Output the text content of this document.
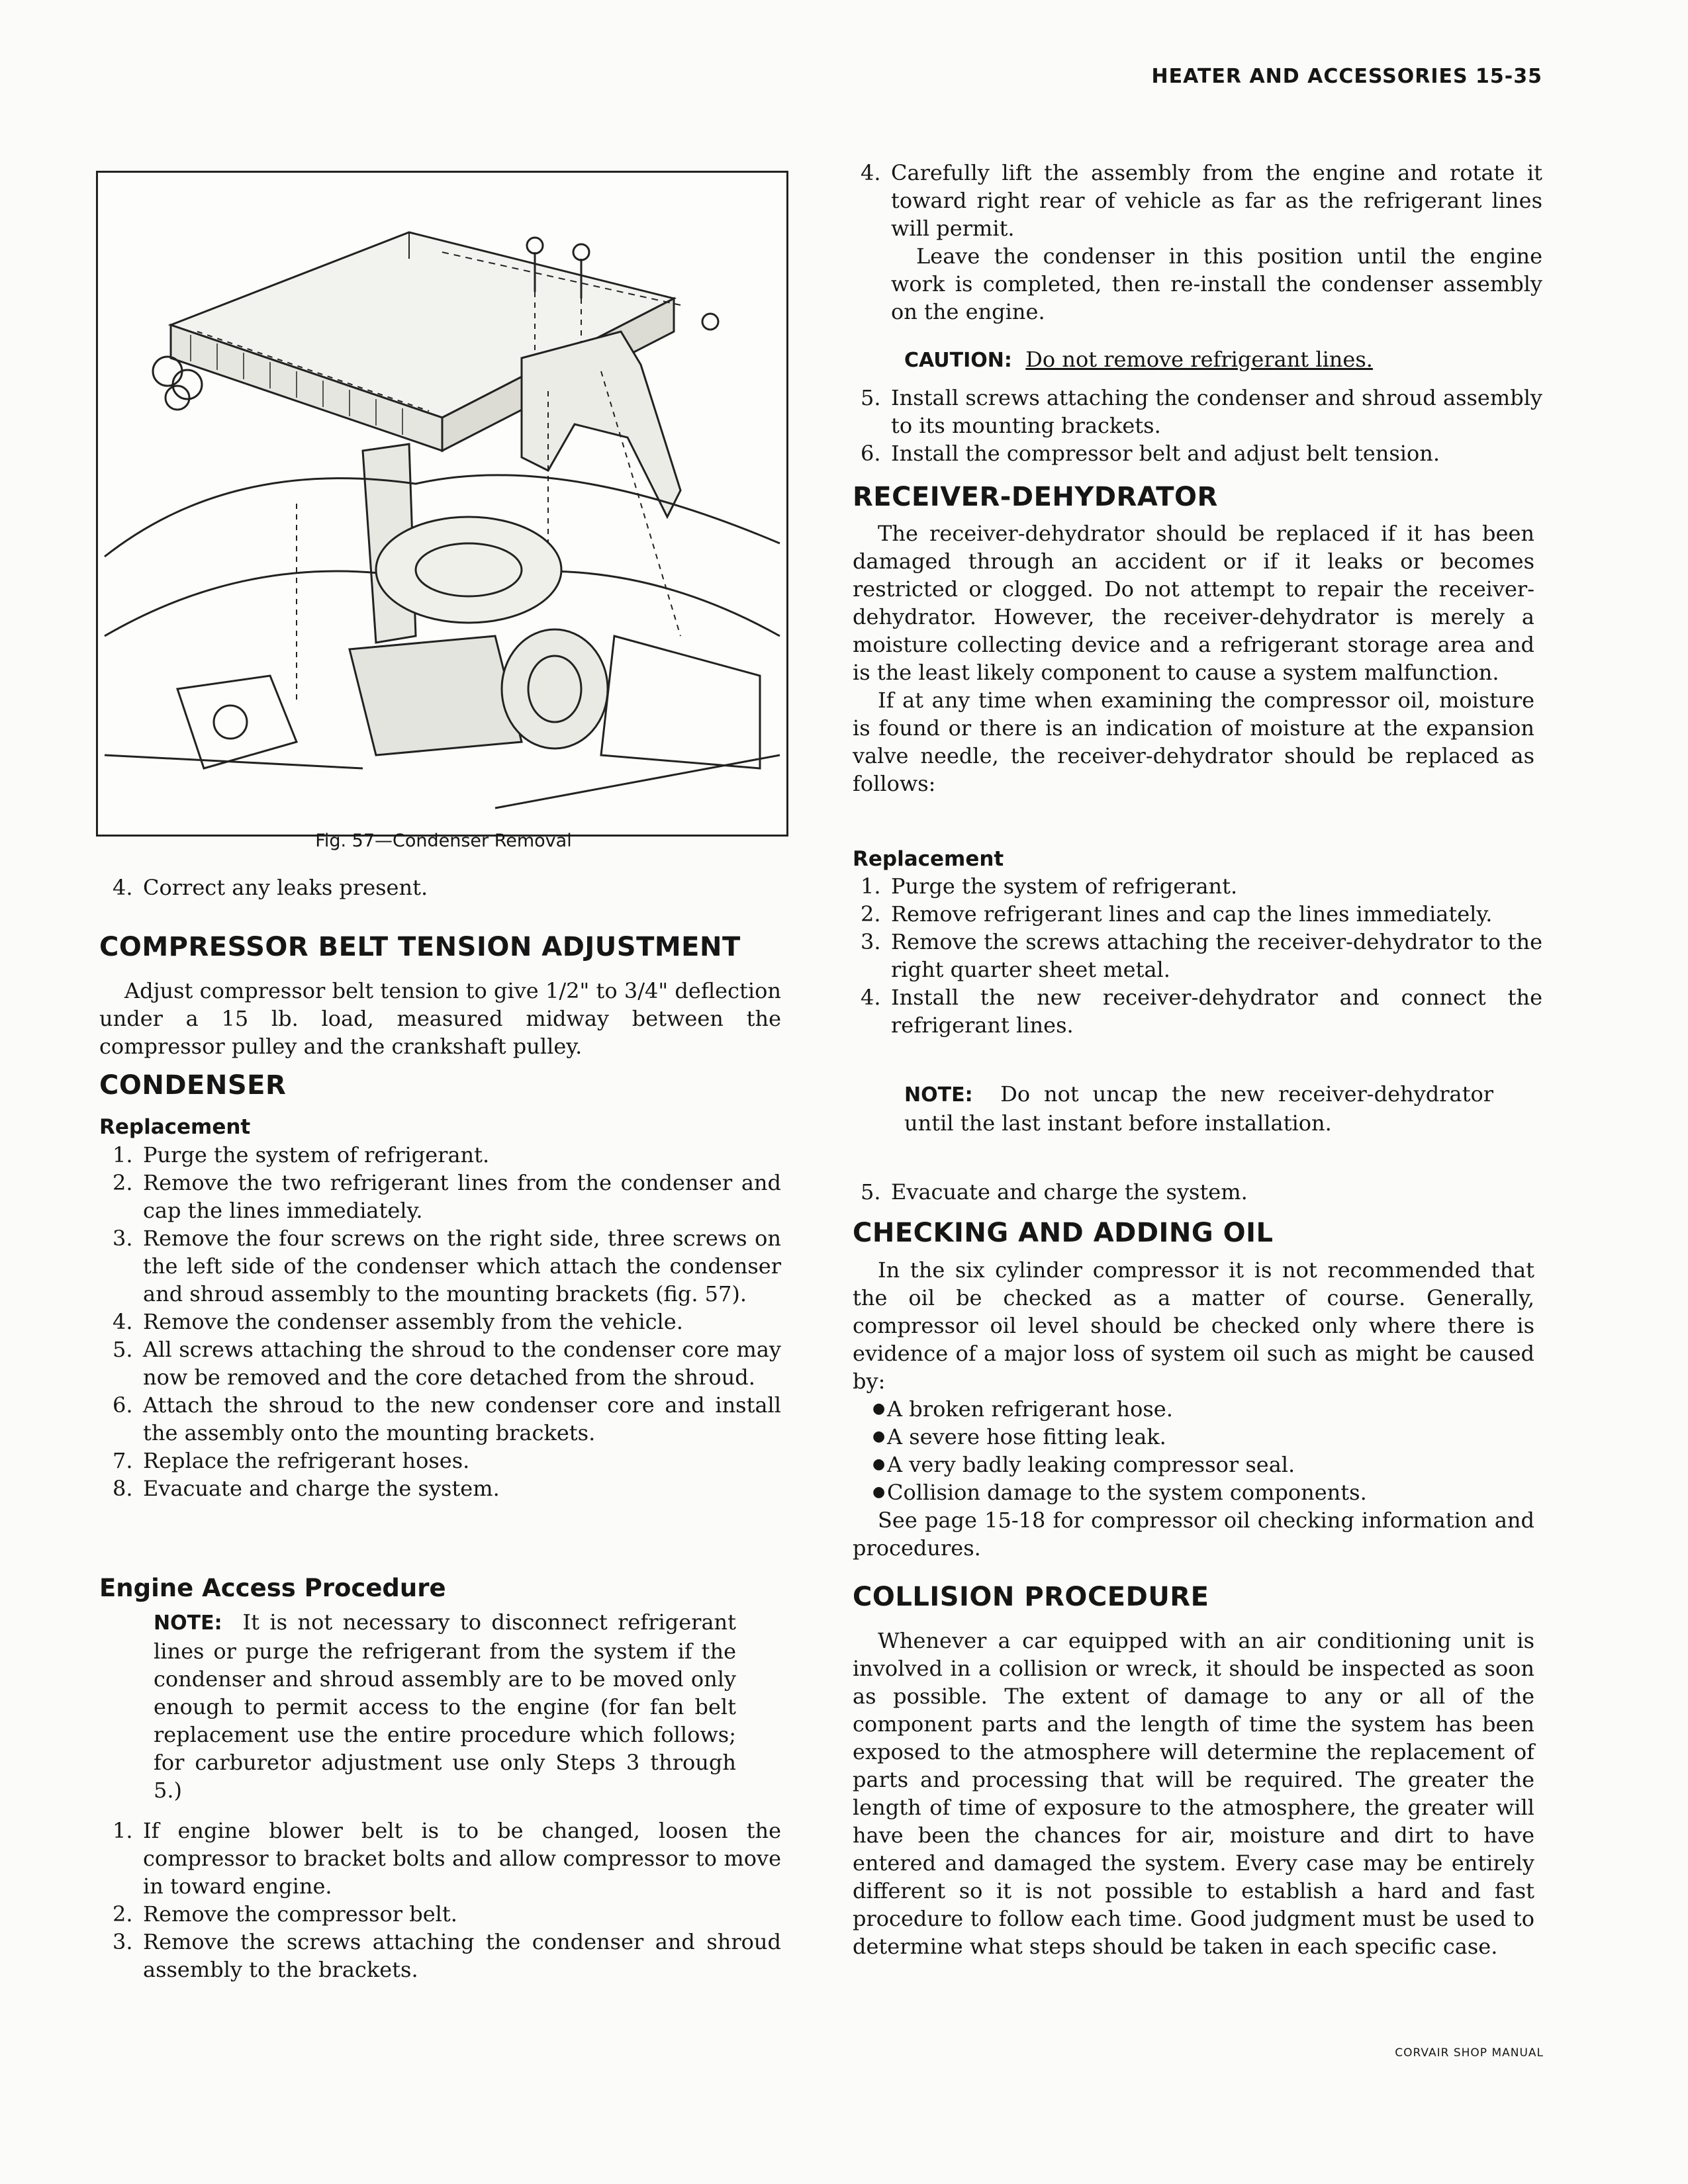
HEATER AND ACCESSORIES 15-35
Fig. 57—Condenser Removal
4. Correct any leaks present.
COMPRESSOR BELT TENSION ADJUSTMENT

Adjust compressor belt tension to give 1/2" to 3/4" deflection under a 15 lb. load, measured midway between the compressor pulley and the crankshaft pulley.

CONDENSER
Replacement
1. Purge the system of refrigerant.
2. Remove the two refrigerant lines from the condenser and cap the lines immediately.
3. Remove the four screws on the right side, three screws on the left side of the condenser which attach the condenser and shroud assembly to the mounting brackets (fig. 57).
4. Remove the condenser assembly from the vehicle.
5. All screws attaching the shroud to the condenser core may now be removed and the core detached from the shroud.
6. Attach the shroud to the new condenser core and install the assembly onto the mounting brackets.
7. Replace the refrigerant hoses.
8. Evacuate and charge the system.
Engine Access Procedure
NOTE: It is not necessary to disconnect refrigerant lines or purge the refrigerant from the system if the condenser and shroud assembly are to be moved only enough to permit access to the engine (for fan belt replacement use the entire procedure which follows; for carburetor adjustment use only Steps 3 through 5.)
1. If engine blower belt is to be changed, loosen the compressor to bracket bolts and allow compressor to move in toward engine.
2. Remove the compressor belt.
3. Remove the screws attaching the condenser and shroud assembly to the brackets.
4. Carefully lift the assembly from the engine and rotate it toward right rear of vehicle as far as the refrigerant lines will permit.

Leave the condenser in this position until the engine work is completed, then re-install the condenser assembly on the engine.

CAUTION: Do not remove refrigerant lines.
5. Install screws attaching the condenser and shroud assembly to its mounting brackets.
6. Install the compressor belt and adjust belt tension.
RECEIVER-DEHYDRATOR

The receiver-dehydrator should be replaced if it has been damaged through an accident or if it leaks or becomes restricted or clogged. Do not attempt to repair the receiver-dehydrator. However, the receiver-dehydrator is merely a moisture collecting device and a refrigerant storage area and is the least likely component to cause a system malfunction.

If at any time when examining the compressor oil, moisture is found or there is an indication of moisture at the expansion valve needle, the receiver-dehydrator should be replaced as follows:

Replacement
1. Purge the system of refrigerant.
2. Remove refrigerant lines and cap the lines immediately.
3. Remove the screws attaching the receiver-dehydrator to the right quarter sheet metal.
4. Install the new receiver-dehydrator and connect the refrigerant lines.
NOTE: Do not uncap the new receiver-dehydrator until the last instant before installation.
5. Evacuate and charge the system.
CHECKING AND ADDING OIL

In the six cylinder compressor it is not recommended that the oil be checked as a matter of course. Generally, compressor oil level should be checked only where there is evidence of a major loss of system oil such as might be caused by:

● A broken refrigerant hose.
● A severe hose fitting leak.
● A very badly leaking compressor seal.
● Collision damage to the system components.

See page 15-18 for compressor oil checking information and procedures.

COLLISION PROCEDURE

Whenever a car equipped with an air conditioning unit is involved in a collision or wreck, it should be inspected as soon as possible. The extent of damage to any or all of the component parts and the length of time the system has been exposed to the atmosphere will determine the replacement of parts and processing that will be required. The greater the length of time of exposure to the atmosphere, the greater will have been the chances for air, moisture and dirt to have entered and damaged the system. Every case may be entirely different so it is not possible to establish a hard and fast procedure to follow each time. Good judgment must be used to determine what steps should be taken in each specific case.

CORVAIR SHOP MANUAL
